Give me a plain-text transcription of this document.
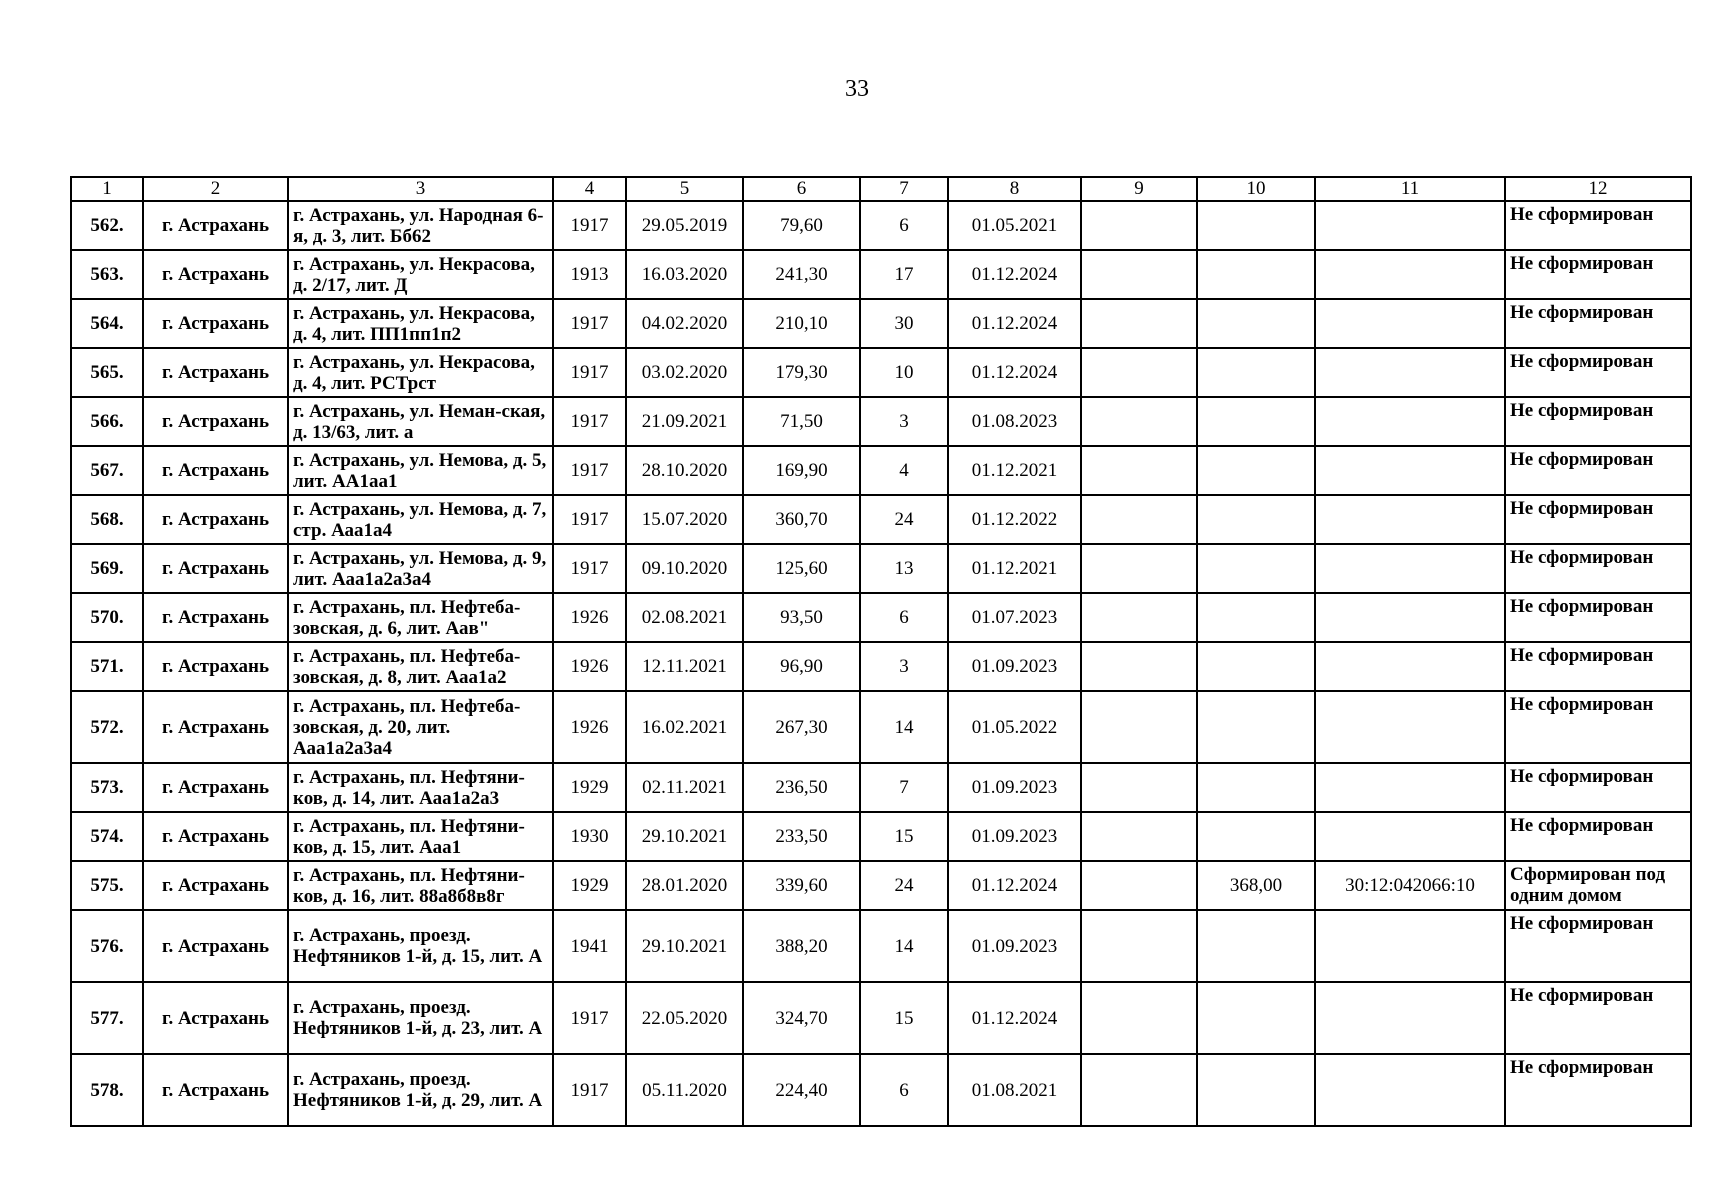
33
1	2	3	4	5	6	7	8	9	10	11	12
562.	г. Астрахань	г. Астрахань, ул. Народная 6-я, д. 3, лит. Бб62	1917	29.05.2019	79,60	6	01.05.2021				Не сформирован
563.	г. Астрахань	г. Астрахань, ул. Некрасова, д. 2/17, лит. Д	1913	16.03.2020	241,30	17	01.12.2024				Не сформирован
564.	г. Астрахань	г. Астрахань, ул. Некрасова, д. 4, лит. ПП1пп1п2	1917	04.02.2020	210,10	30	01.12.2024				Не сформирован
565.	г. Астрахань	г. Астрахань, ул. Некрасова, д. 4, лит. РСТрст	1917	03.02.2020	179,30	10	01.12.2024				Не сформирован
566.	г. Астрахань	г. Астрахань, ул. Неман-ская, д. 13/63, лит. а	1917	21.09.2021	71,50	3	01.08.2023				Не сформирован
567.	г. Астрахань	г. Астрахань, ул. Немова, д. 5, лит. АА1аа1	1917	28.10.2020	169,90	4	01.12.2021				Не сформирован
568.	г. Астрахань	г. Астрахань, ул. Немова, д. 7, стр. Ааа1а4	1917	15.07.2020	360,70	24	01.12.2022				Не сформирован
569.	г. Астрахань	г. Астрахань, ул. Немова, д. 9, лит. Ааа1а2а3а4	1917	09.10.2020	125,60	13	01.12.2021				Не сформирован
570.	г. Астрахань	г. Астрахань, пл. Нефтеба-зовская, д. 6, лит. Аав"	1926	02.08.2021	93,50	6	01.07.2023				Не сформирован
571.	г. Астрахань	г. Астрахань, пл. Нефтеба-зовская, д. 8, лит. Ааа1а2	1926	12.11.2021	96,90	3	01.09.2023				Не сформирован
572.	г. Астрахань	г. Астрахань, пл. Нефтеба-зовская, д. 20, лит. Ааа1а2а3а4	1926	16.02.2021	267,30	14	01.05.2022				Не сформирован
573.	г. Астрахань	г. Астрахань, пл. Нефтяни-ков, д. 14, лит. Ааа1а2а3	1929	02.11.2021	236,50	7	01.09.2023				Не сформирован
574.	г. Астрахань	г. Астрахань, пл. Нефтяни-ков, д. 15, лит. Ааа1	1930	29.10.2021	233,50	15	01.09.2023				Не сформирован
575.	г. Астрахань	г. Астрахань, пл. Нефтяни-ков, д. 16, лит. 88а8б8в8г	1929	28.01.2020	339,60	24	01.12.2024		368,00	30:12:042066:10	Сформирован под одним домом
576.	г. Астрахань	г. Астрахань, проезд. Нефтяников 1-й, д. 15, лит. А	1941	29.10.2021	388,20	14	01.09.2023				Не сформирован
577.	г. Астрахань	г. Астрахань, проезд. Нефтяников 1-й, д. 23, лит. А	1917	22.05.2020	324,70	15	01.12.2024				Не сформирован
578.	г. Астрахань	г. Астрахань, проезд. Нефтяников 1-й, д. 29, лит. А	1917	05.11.2020	224,40	6	01.08.2021				Не сформирован
